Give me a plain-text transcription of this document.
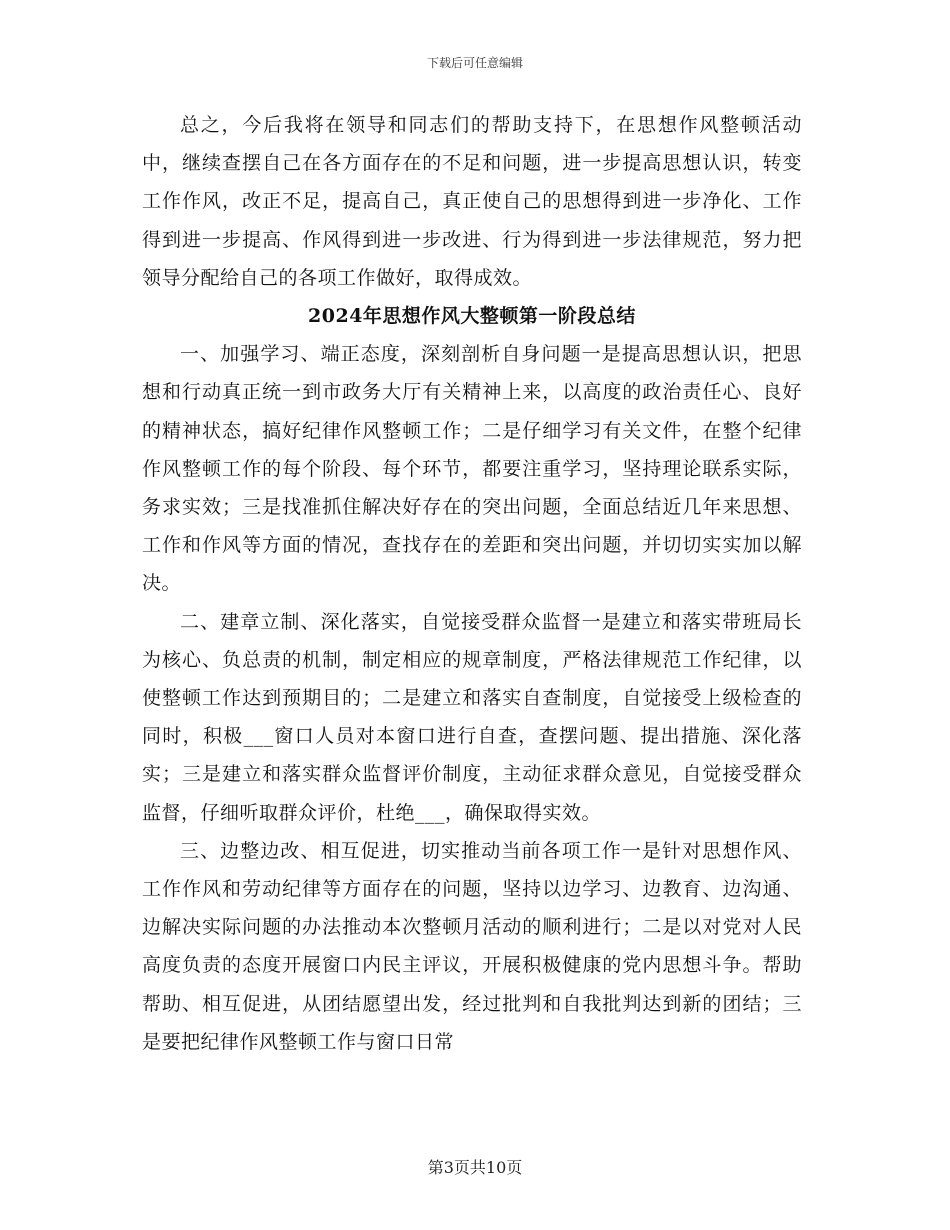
下载后可任意编辑

总之，今后我将在领导和同志们的帮助支持下，在思想作风整顿活动中，继续查摆自己在各方面存在的不足和问题，进一步提高思想认识，转变工作作风，改正不足，提高自己，真正使自己的思想得到进一步净化、工作得到进一步提高、作风得到进一步改进、行为得到进一步法律规范，努力把领导分配给自己的各项工作做好，取得成效。

2024年思想作风大整顿第一阶段总结

一、加强学习、端正态度，深刻剖析自身问题一是提高思想认识，把思想和行动真正统一到市政务大厅有关精神上来，以高度的政治责任心、良好的精神状态，搞好纪律作风整顿工作；二是仔细学习有关文件，在整个纪律作风整顿工作的每个阶段、每个环节，都要注重学习，坚持理论联系实际，务求实效；三是找准抓住解决好存在的突出问题，全面总结近几年来思想、工作和作风等方面的情况，查找存在的差距和突出问题，并切切实实加以解决。

二、建章立制、深化落实，自觉接受群众监督一是建立和落实带班局长为核心、负总责的机制，制定相应的规章制度，严格法律规范工作纪律，以使整顿工作达到预期目的；二是建立和落实自查制度，自觉接受上级检查的同时，积极___窗口人员对本窗口进行自查，查摆问题、提出措施、深化落实；三是建立和落实群众监督评价制度，主动征求群众意见，自觉接受群众监督，仔细听取群众评价，杜绝___，确保取得实效。

三、边整边改、相互促进，切实推动当前各项工作一是针对思想作风、工作作风和劳动纪律等方面存在的问题，坚持以边学习、边教育、边沟通、边解决实际问题的办法推动本次整顿月活动的顺利进行；二是以对党对人民高度负责的态度开展窗口内民主评议，开展积极健康的党内思想斗争。帮助帮助、相互促进，从团结愿望出发，经过批判和自我批判达到新的团结；三是要把纪律作风整顿工作与窗口日常

第3页共10页
